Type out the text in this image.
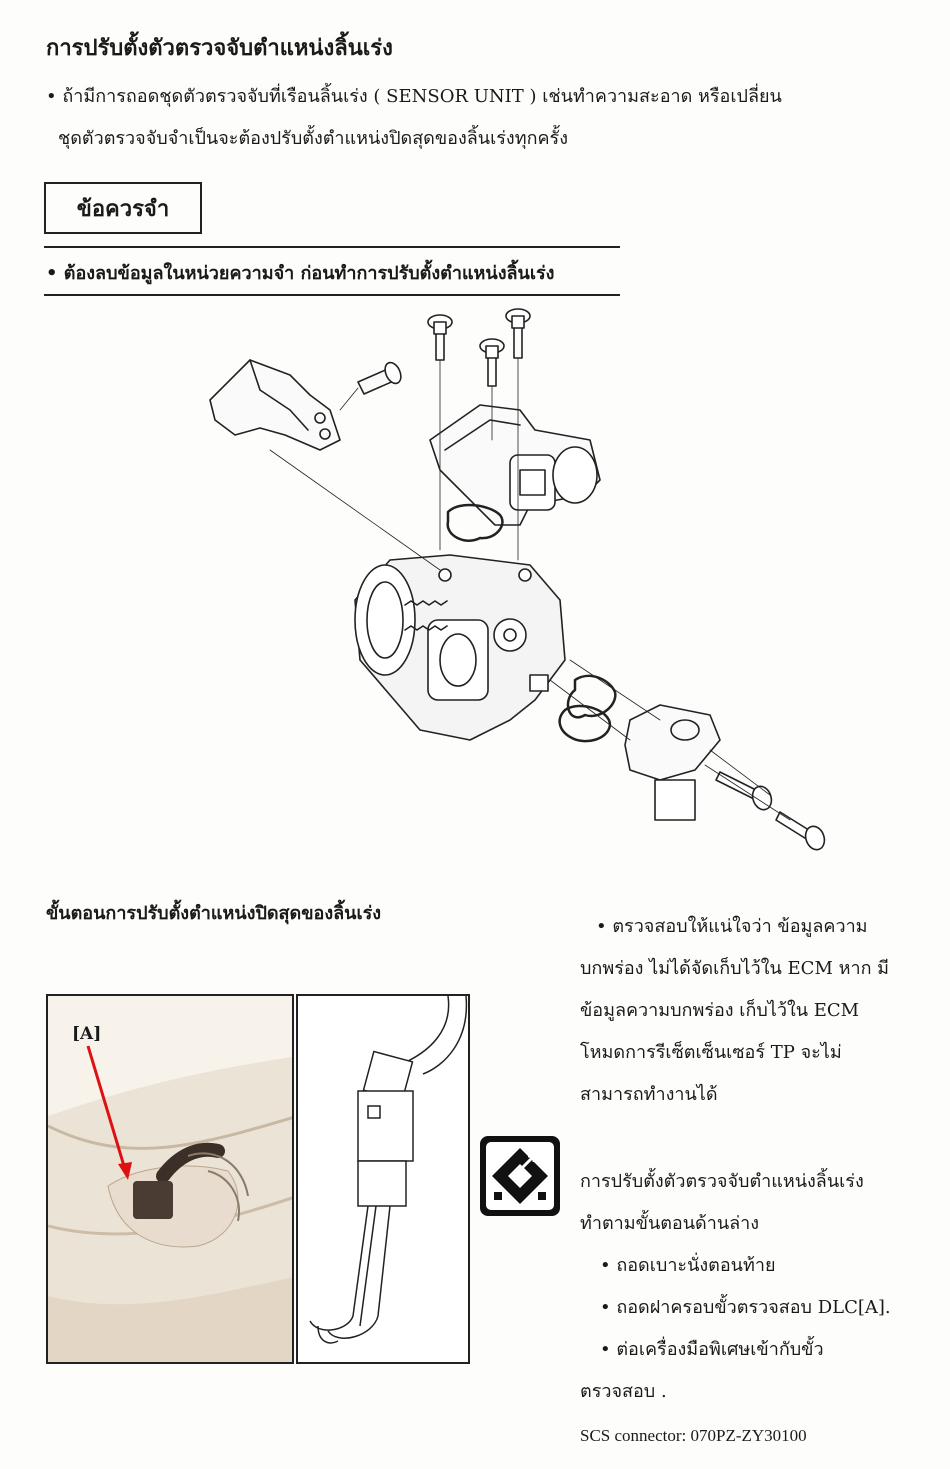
การปรับตั้งตัวตรวจจับตำแหน่งลิ้นเร่ง
• ถ้ามีการถอดชุดตัวตรวจจับที่เรือนลิ้นเร่ง ( SENSOR UNIT ) เช่นทำความสะอาด หรือเปลี่ยน
ชุดตัวตรวจจับจำเป็นจะต้องปรับตั้งตำแหน่งปิดสุดของลิ้นเร่งทุกครั้ง
ข้อควรจำ
• ต้องลบข้อมูลในหน่วยความจำ ก่อนทำการปรับตั้งตำแหน่งลิ้นเร่ง
ขั้นตอนการปรับตั้งตำแหน่งปิดสุดของลิ้นเร่ง
[A]
• ตรวจสอบให้แน่ใจว่า ข้อมูลความ
บกพร่อง ไม่ได้จัดเก็บไว้ใน ECM หาก มี
ข้อมูลความบกพร่อง เก็บไว้ใน ECM
โหมดการรีเซ็ตเซ็นเซอร์ TP จะไม่
สามารถทำงานได้
การปรับตั้งตัวตรวจจับตำแหน่งลิ้นเร่ง
ทำตามขั้นตอนด้านล่าง
• ถอดเบาะนั่งตอนท้าย
• ถอดฝาครอบขั้วตรวจสอบ DLC[A].
• ต่อเครื่องมือพิเศษเข้ากับขั้ว
ตรวจสอบ .
SCS connector: 070PZ-ZY30100
